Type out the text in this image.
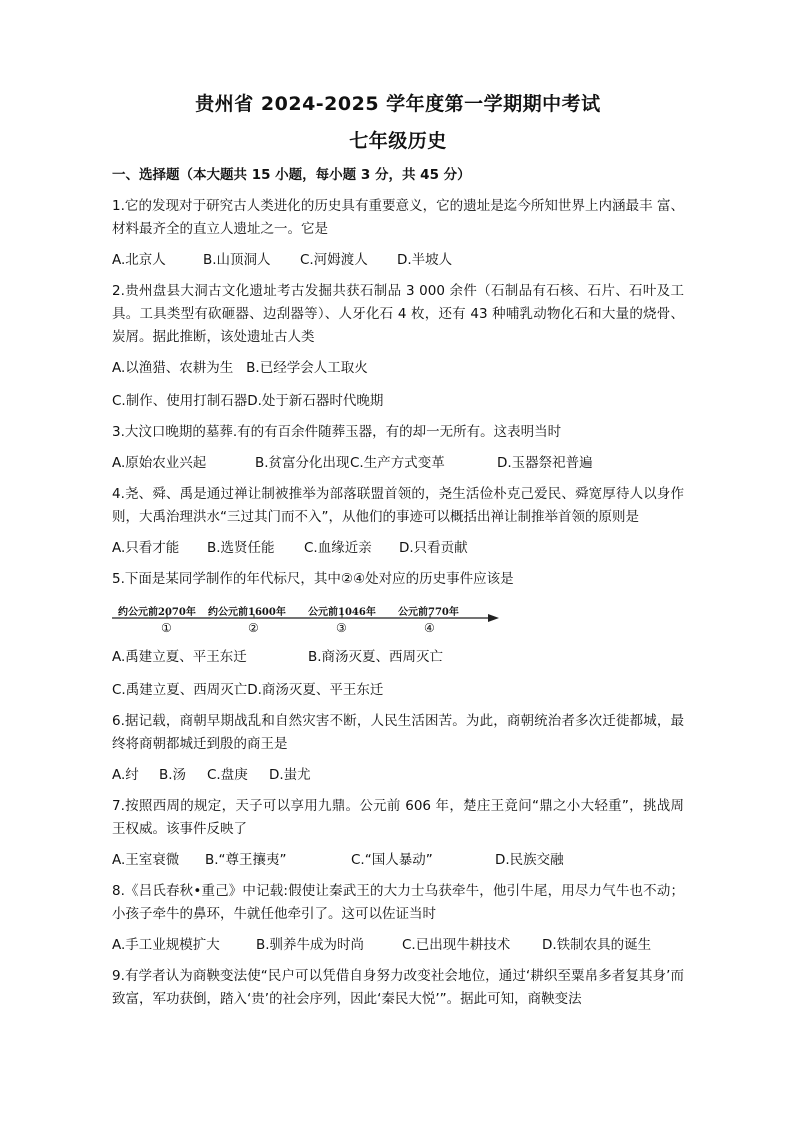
贵州省 2024-2025 学年度第一学期期中考试
七年级历史
一、选择题（本大题共 15 小题，每小题 3 分，共 45 分）
1.它的发现对于研究古人类进化的历史具有重要意义，它的遗址是迄今所知世界上内涵最丰 富、材料最齐全的直立人遗址之一。它是
A.北京人	B.山顶洞人 C.河姆渡人 D.半坡人
2.贵州盘县大洞古文化遗址考古发掘共获石制品 3 000 余件（石制品有石核、石片、石叶及工 具。工具类型有砍砸器、边刮器等）、人牙化石 4 枚，还有 43 种哺乳动物化石和大量的烧骨、 炭屑。据此推断，该处遗址古人类
A.以渔猎、农耕为生   B.已经学会人工取火
C.制作、使用打制石器D.处于新石器时代晚期
3.大汶口晚期的墓葬.有的有百余件随葬玉器，有的却一无所有。这表明当时
A.原始农业兴起	B.贫富分化出现C.生产方式变革	D.玉器祭祀普遍
4.尧、舜、禹是通过禅让制被推举为部落联盟首领的，尧生活俭朴克己爱民、舜宽厚待人以身作则，大禹治理洪水“三过其门而不入”，从他们的事迹可以概括出禅让制推举首领的原则是
A.只看才能 B.选贤任能 C.血缘近亲 D.只看贡献
5.下面是某同学制作的年代标尺，其中②④处对应的历史事件应该是
约公元前2070年 约公元前1600年 公元前1046年 公元前770年
①	②	③	④
A.禹建立夏、平王东迁	B.商汤灭夏、西周灭亡
C.禹建立夏、西周灭亡D.商汤灭夏、平王东迁
6.据记载，商朝早期战乱和自然灾害不断，人民生活困苦。为此，商朝统治者多次迁徙都城，最终将商朝都城迁到殷的商王是
A.纣 B.汤 C.盘庚 D.蚩尤
7.按照西周的规定，天子可以享用九鼎。公元前 606 年，楚庄王竟问“鼎之小大轻重”，挑战周王权威。该事件反映了
A.王室衰微 B.“尊王攘夷”	C.“国人暴动”	D.民族交融
8.《吕氏春秋•重己》中记载:假使让秦武王的大力士乌获牵牛，他引牛尾，用尽力气牛也不动；小孩子牵牛的鼻环，牛就任他牵引了。这可以佐证当时
A.手工业规模扩大	B.驯养牛成为时尚	C.已出现牛耕技术 D.铁制农具的诞生
9.有学者认为商鞅变法使“民户可以凭借自身努力改变社会地位，通过‘耕织至粟帛多者复其身’而致富，军功获倒，踏入‘贵’的社会序列，因此‘秦民大悦’”。据此可知，商鞅变法
